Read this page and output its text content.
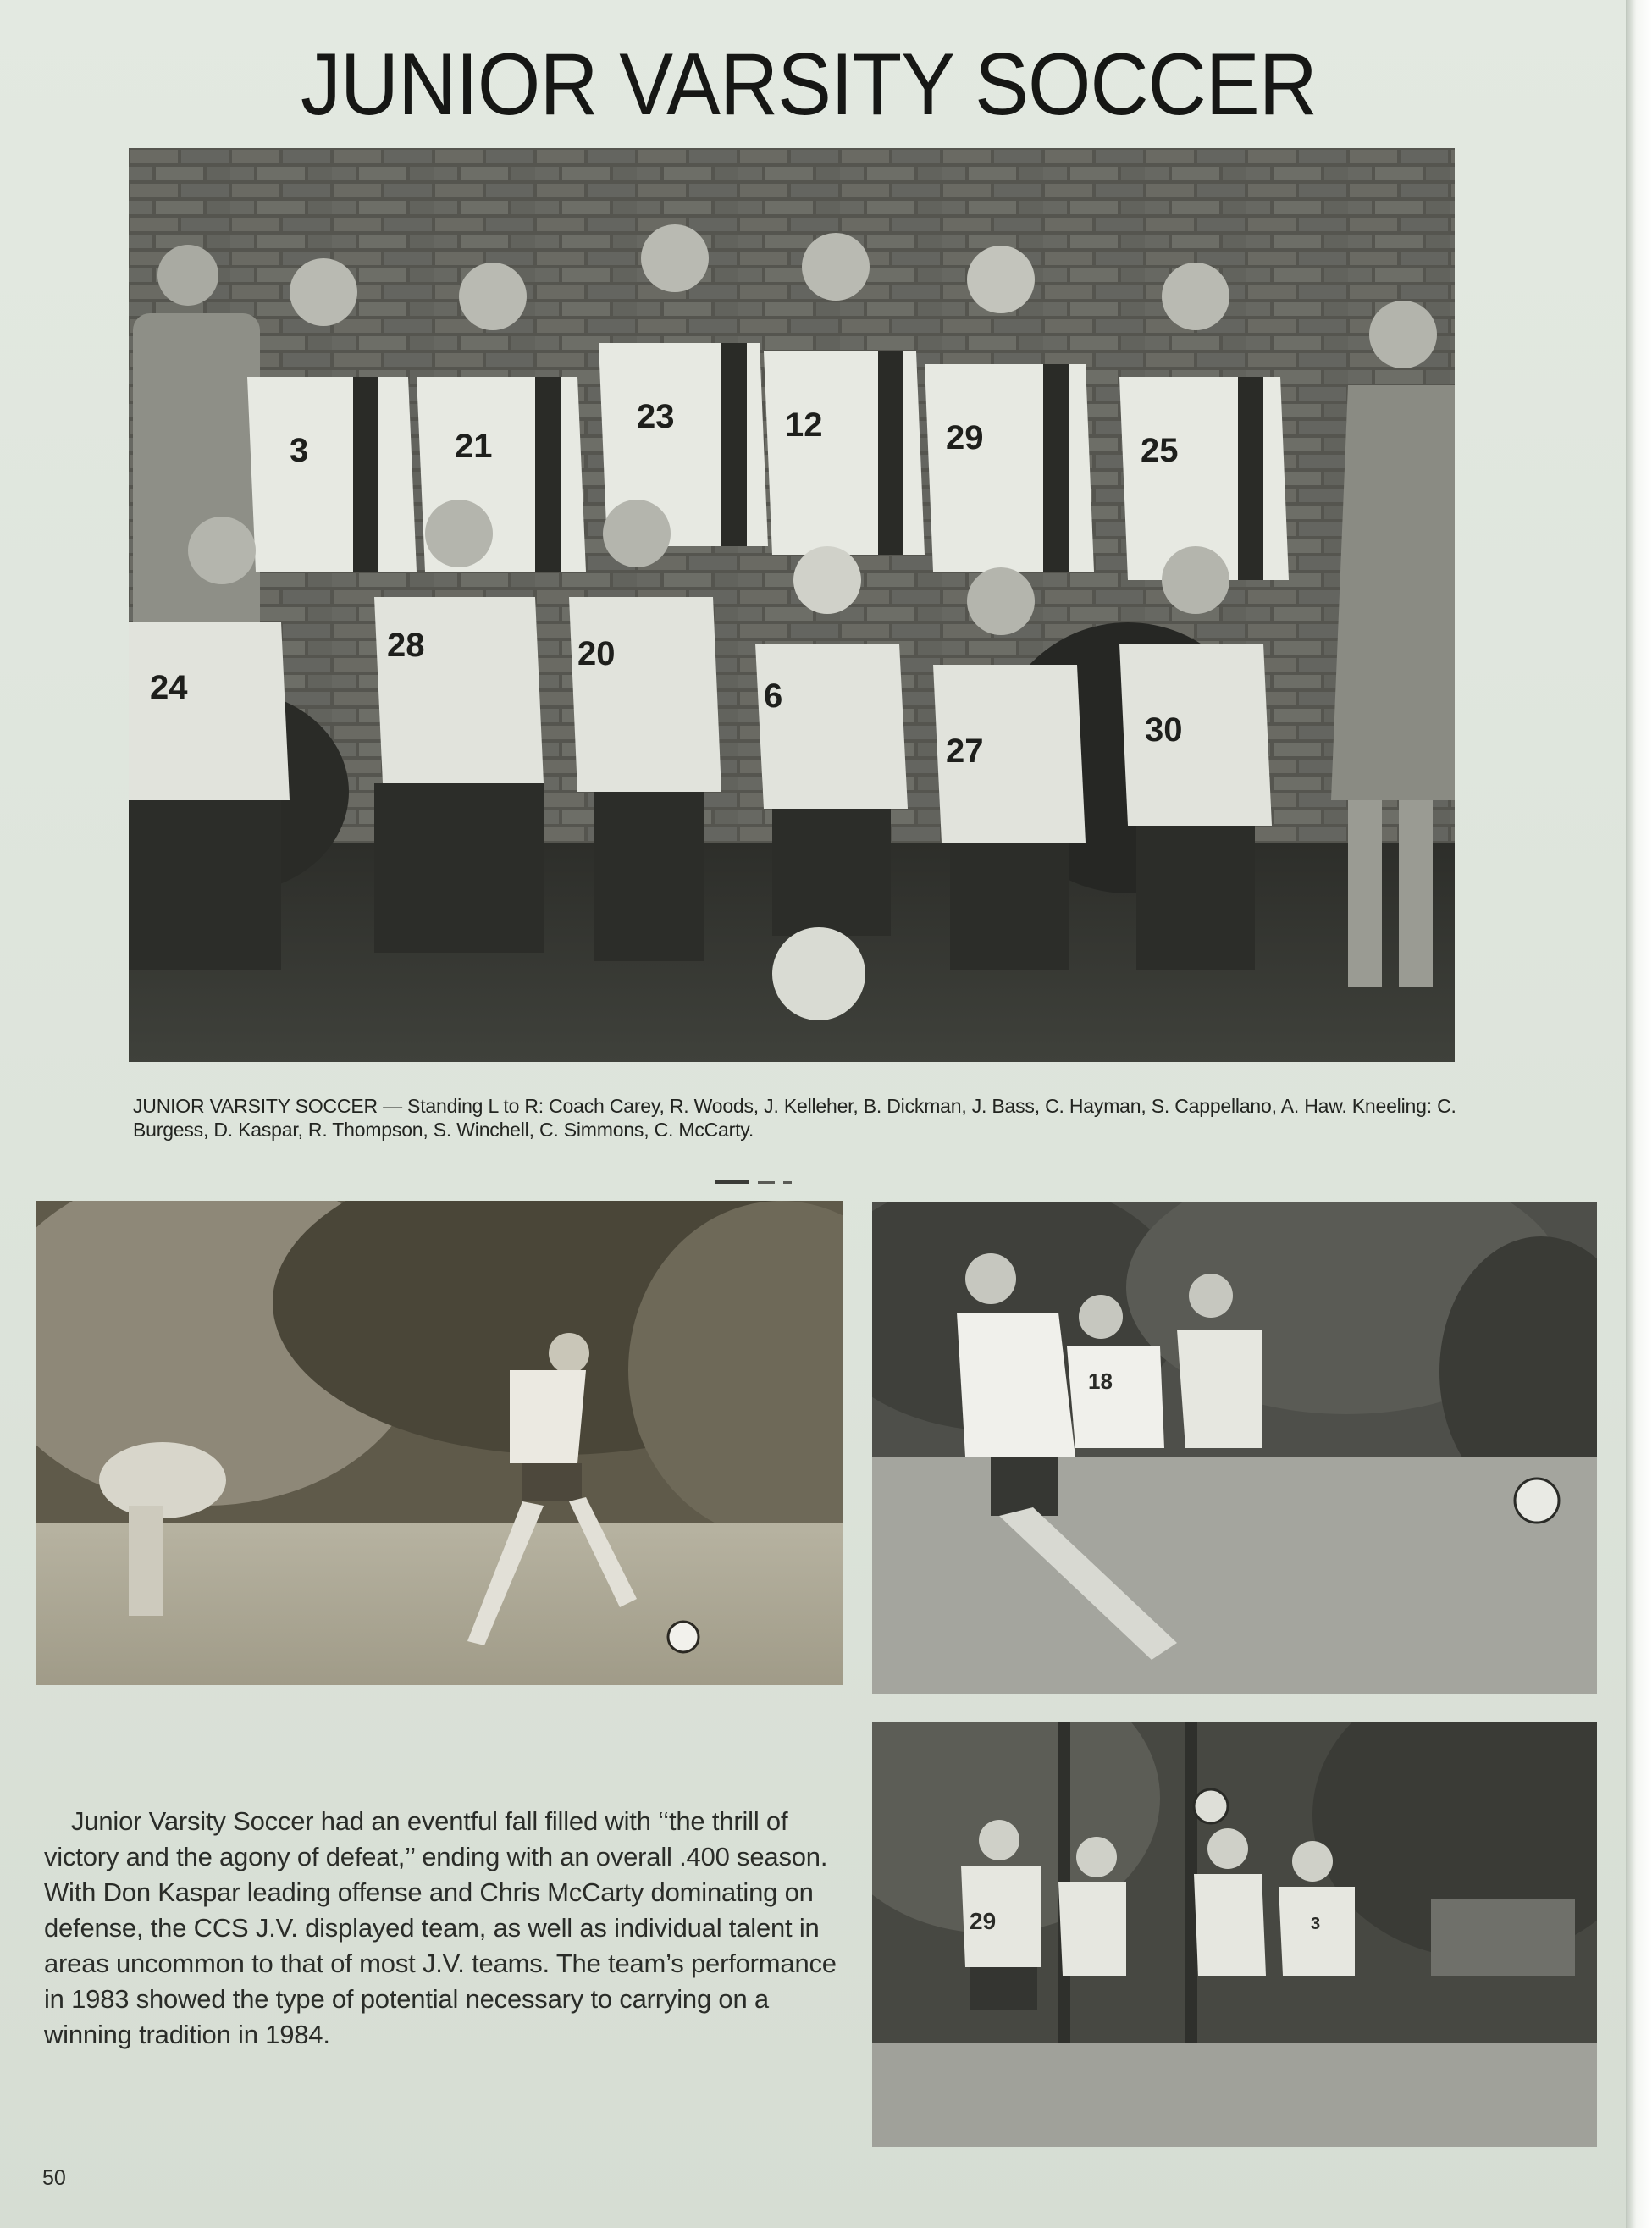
JUNIOR VARSITY SOCCER
3	21
23	12	29	25
24
28	20
6
27
30
JUNIOR VARSITY SOCCER — Standing L to R: Coach Carey, R. Woods, J. Kelleher, B. Dickman, J. Bass, C. Hayman, S. Cappellano, A. Haw. Kneeling: C. Burgess, D. Kaspar, R. Thompson, S. Winchell, C. Simmons, C. McCarty.
18
29	3
Junior Varsity Soccer had an eventful fall filled with ‘‘the thrill of victory and the agony of defeat,’’ ending with an overall .400 season. With Don Kaspar leading offense and Chris McCarty dominating on defense, the CCS J.V. displayed team, as well as individual talent in areas uncommon to that of most J.V. teams. The team’s performance in 1983 showed the type of potential necessary to carrying on a winning tradition in 1984.
50
